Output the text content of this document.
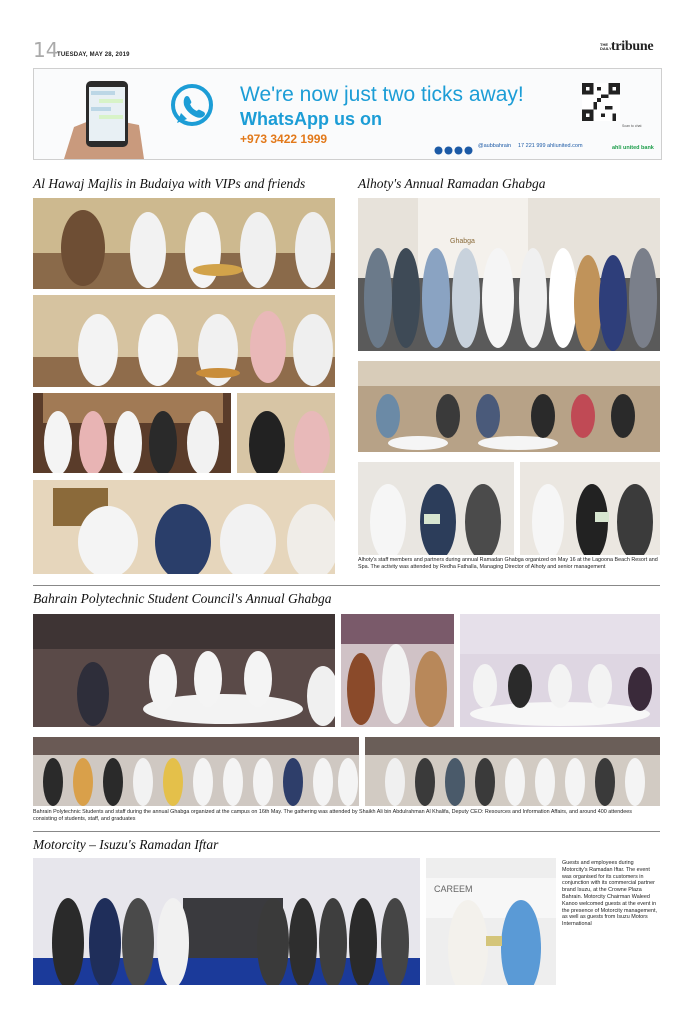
14
TUESDAY, MAY 28, 2019
THE DAILY tribune
We're now just two ticks away!
WhatsApp us on
+973 3422 1999
Scan to chat
@aubbahrain 17 221 999 ahliunited.com	ahli united bank
Al Hawaj Majlis in Budaiya with VIPs and friends	Alhoty's Annual Ramadan Ghabga
Ghabga
Alhoty's staff members and partners during annual Ramadan Ghabga organized on May 16 at the Lagoona Beach Resort and Spa. The activity was attended by Redha Fathalla, Managing Director of Alhoty and senior management
Bahrain Polytechnic Student Council's Annual Ghabga
Bahrain Polytechnic Students and staff during the annual Ghabga organized at the campus on 16th May. The gathering was attended by Shaikh Ali bin Abdulrahman Al Khalifa, Deputy CEO: Resources and Information Affairs, and around 400 attendees consisting of students, staff, and graduates
Motorcity – Isuzu's Ramadan Iftar
CAREEM
Guests and employees during Motorcity's Ramadan Iftar. The event was organised for its customers in conjunction with its commercial partner brand Isuzu, at the Crowne Plaza Bahrain. Motorcity Chairman Waleed Kanoo welcomed guests at the event in the presence of Motorcity management, as well as guests from Isuzu Motors International
